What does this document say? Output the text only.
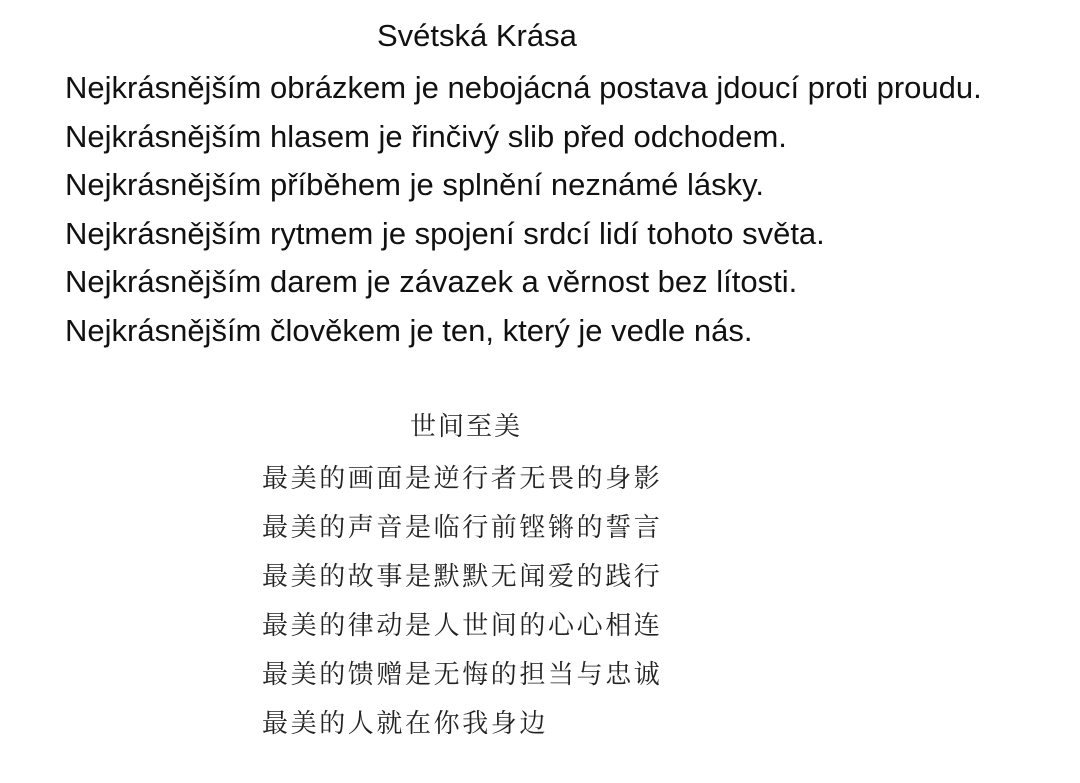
Svétská Krása
Nejkrásnějším obrázkem je nebojácná postava jdoucí proti proudu.
Nejkrásnějším hlasem je řinčivý slib před odchodem.
Nejkrásnějším příběhem je splnění neznámé lásky.
Nejkrásnějším rytmem je spojení srdcí lidí tohoto světa.
Nejkrásnějším darem je závazek a věrnost bez lítosti.
Nejkrásnějším člověkem je ten, který je vedle nás.
世间至美
最美的画面是逆行者无畏的身影
最美的声音是临行前铿锵的誓言
最美的故事是默默无闻爱的践行
最美的律动是人世间的心心相连
最美的馈赠是无悔的担当与忠诚
最美的人就在你我身边
